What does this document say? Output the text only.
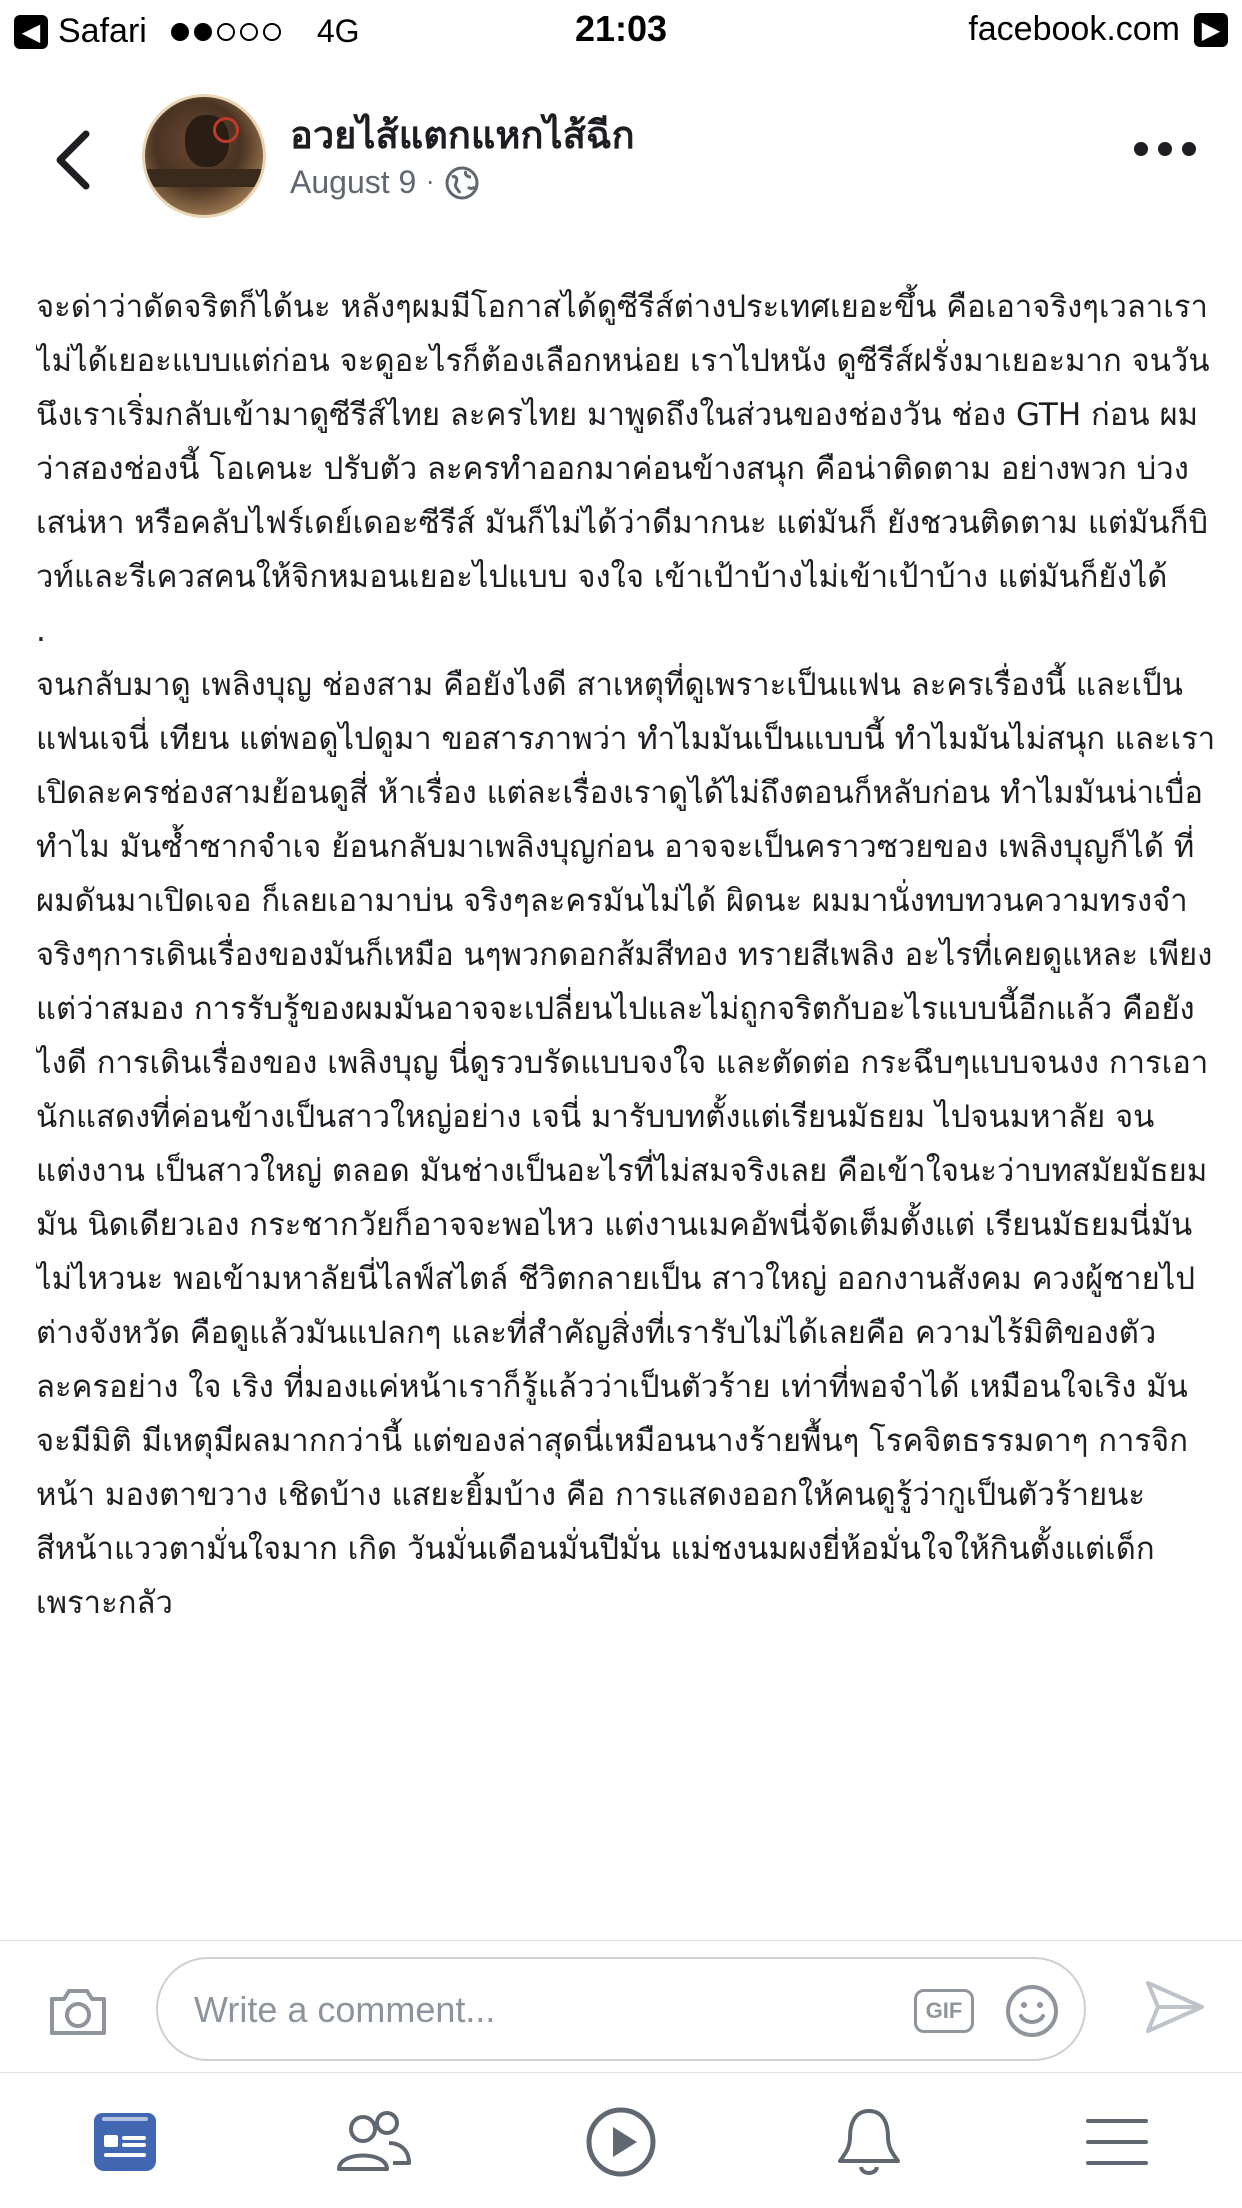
◀ Safari	4G	21:03	facebook.com ▶
อวยไส้แตกแหกไส้ฉีก
August 9 ·

จะด่าว่าดัดจริตก็ได้นะ หลังๆผมมีโอกาสได้ดูซีรีส์ต่างประเทศเยอะขึ้น คือเอาจริงๆเวลาเราไม่ได้เยอะแบบแต่ก่อน จะดูอะไรก็ต้องเลือกหน่อย เราไปหนัง ดูซีรีส์ฝรั่งมาเยอะมาก จนวันนึงเราเริ่มกลับเข้ามาดูซีรีส์ไทย ละครไทย มาพูดถึงในส่วนของช่องวัน ช่อง GTH ก่อน ผมว่าสองช่องนี้ โอเคนะ ปรับตัว ละครทำออกมาค่อนข้างสนุก คือน่าติดตาม อย่างพวก บ่วงเสน่หา หรือคลับไฟร์เดย์เดอะซีรีส์ มันก็ไม่ได้ว่าดีมากนะ แต่มันก็ ยังชวนติดตาม แต่มันก็บิวท์และรีเควสคนให้จิกหมอนเยอะไปแบบ จงใจ เข้าเป้าบ้างไม่เข้าเป้าบ้าง แต่มันก็ยังได้

.

จนกลับมาดู เพลิงบุญ ช่องสาม คือยังไงดี สาเหตุที่ดูเพราะเป็นแฟน ละครเรื่องนี้ และเป็นแฟนเจนี่ เทียน แต่พอดูไปดูมา ขอสารภาพว่า ทำไมมันเป็นแบบนี้ ทำไมมันไม่สนุก และเราเปิดละครช่องสามย้อนดูสี่ ห้าเรื่อง แต่ละเรื่องเราดูได้ไม่ถึงตอนก็หลับก่อน ทำไมมันน่าเบื่อ ทำไม มันซ้ำซากจำเจ ย้อนกลับมาเพลิงบุญก่อน อาจจะเป็นคราวซวยของ เพลิงบุญก็ได้ ที่ผมดันมาเปิดเจอ ก็เลยเอามาบ่น จริงๆละครมันไม่ได้ ผิดนะ ผมมานั่งทบทวนความทรงจำ จริงๆการเดินเรื่องของมันก็เหมือ นๆพวกดอกส้มสีทอง ทรายสีเพลิง อะไรที่เคยดูแหละ เพียงแต่ว่าสมอง การรับรู้ของผมมันอาจจะเปลี่ยนไปและไม่ถูกจริตกับอะไรแบบนี้อีกแล้ว คือยังไงดี การเดินเรื่องของ เพลิงบุญ นี่ดูรวบรัดแบบจงใจ และตัดต่อ กระฉึบๆแบบจนงง การเอานักแสดงที่ค่อนข้างเป็นสาวใหญ่อย่าง เจนี่ มารับบทตั้งแต่เรียนมัธยม ไปจนมหาลัย จนแต่งงาน เป็นสาวใหญ่ ตลอด มันช่างเป็นอะไรที่ไม่สมจริงเลย คือเข้าใจนะว่าบทสมัยมัธยมมัน นิดเดียวเอง กระชากวัยก็อาจจะพอไหว แต่งานเมคอัพนี่จัดเต็มตั้งแต่ เรียนมัธยมนี่มันไม่ไหวนะ พอเข้ามหาลัยนี่ไลฟ์สไตล์ ชีวิตกลายเป็น สาวใหญ่ ออกงานสังคม ควงผู้ชายไปต่างจังหวัด คือดูแล้วมันแปลกๆ และที่สำคัญสิ่งที่เรารับไม่ได้เลยคือ ความไร้มิติของตัวละครอย่าง ใจ เริง ที่มองแค่หน้าเราก็รู้แล้วว่าเป็นตัวร้าย เท่าที่พอจำได้ เหมือนใจเริง มันจะมีมิติ มีเหตุมีผลมากกว่านี้ แต่ของล่าสุดนี่เหมือนนางร้ายพื้นๆ โรคจิตธรรมดาๆ การจิกหน้า มองตาขวาง เชิดบ้าง แสยะยิ้มบ้าง คือ การแสดงออกให้คนดูรู้ว่ากูเป็นตัวร้ายนะ สีหน้าแววตามั่นใจมาก เกิด วันมั่นเดือนมั่นปีมั่น แม่ชงนมผงยี่ห้อมั่นใจให้กินตั้งแต่เด็ก เพราะกลัว

Write a comment...	GIF
